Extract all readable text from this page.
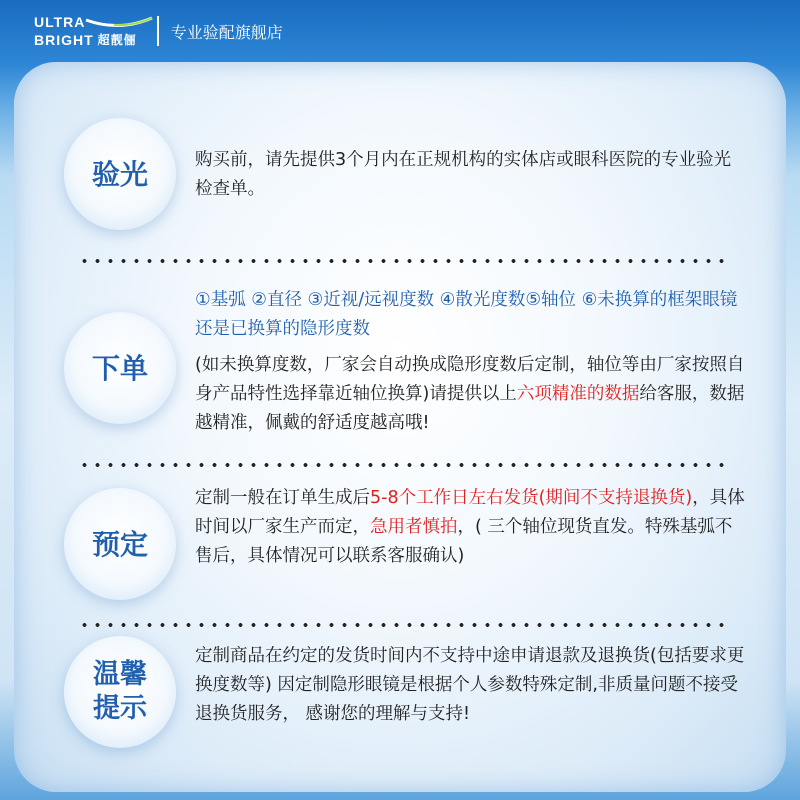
ULTRA
BRIGHT 超靓俪 专业验配旗舰店
验光	购买前，请先提供3个月内在正规机构的实体店或眼科医院的专业验光检查单。
下单
①基弧 ②直径 ③近视/远视度数 ④散光度数⑤轴位 ⑥未换算的框架眼镜还是已换算的隐形度数
(如未换算度数，厂家会自动换成隐形度数后定制，轴位等由厂家按照自身产品特性选择靠近轴位换算)请提供以上六项精准的数据给客服，数据越精准，佩戴的舒适度越高哦!
预定
定制一般在订单生成后5-8个工作日左右发货(期间不支持退换货)，具体时间以厂家生产而定，急用者慎拍，( 三个轴位现货直发。特殊基弧不售后，具体情况可以联系客服确认)
温馨
提示
定制商品在约定的发货时间内不支持中途申请退款及退换货(包括要求更换度数等) 因定制隐形眼镜是根据个人参数特殊定制,非质量问题不接受退换货服务， 感谢您的理解与支持!
